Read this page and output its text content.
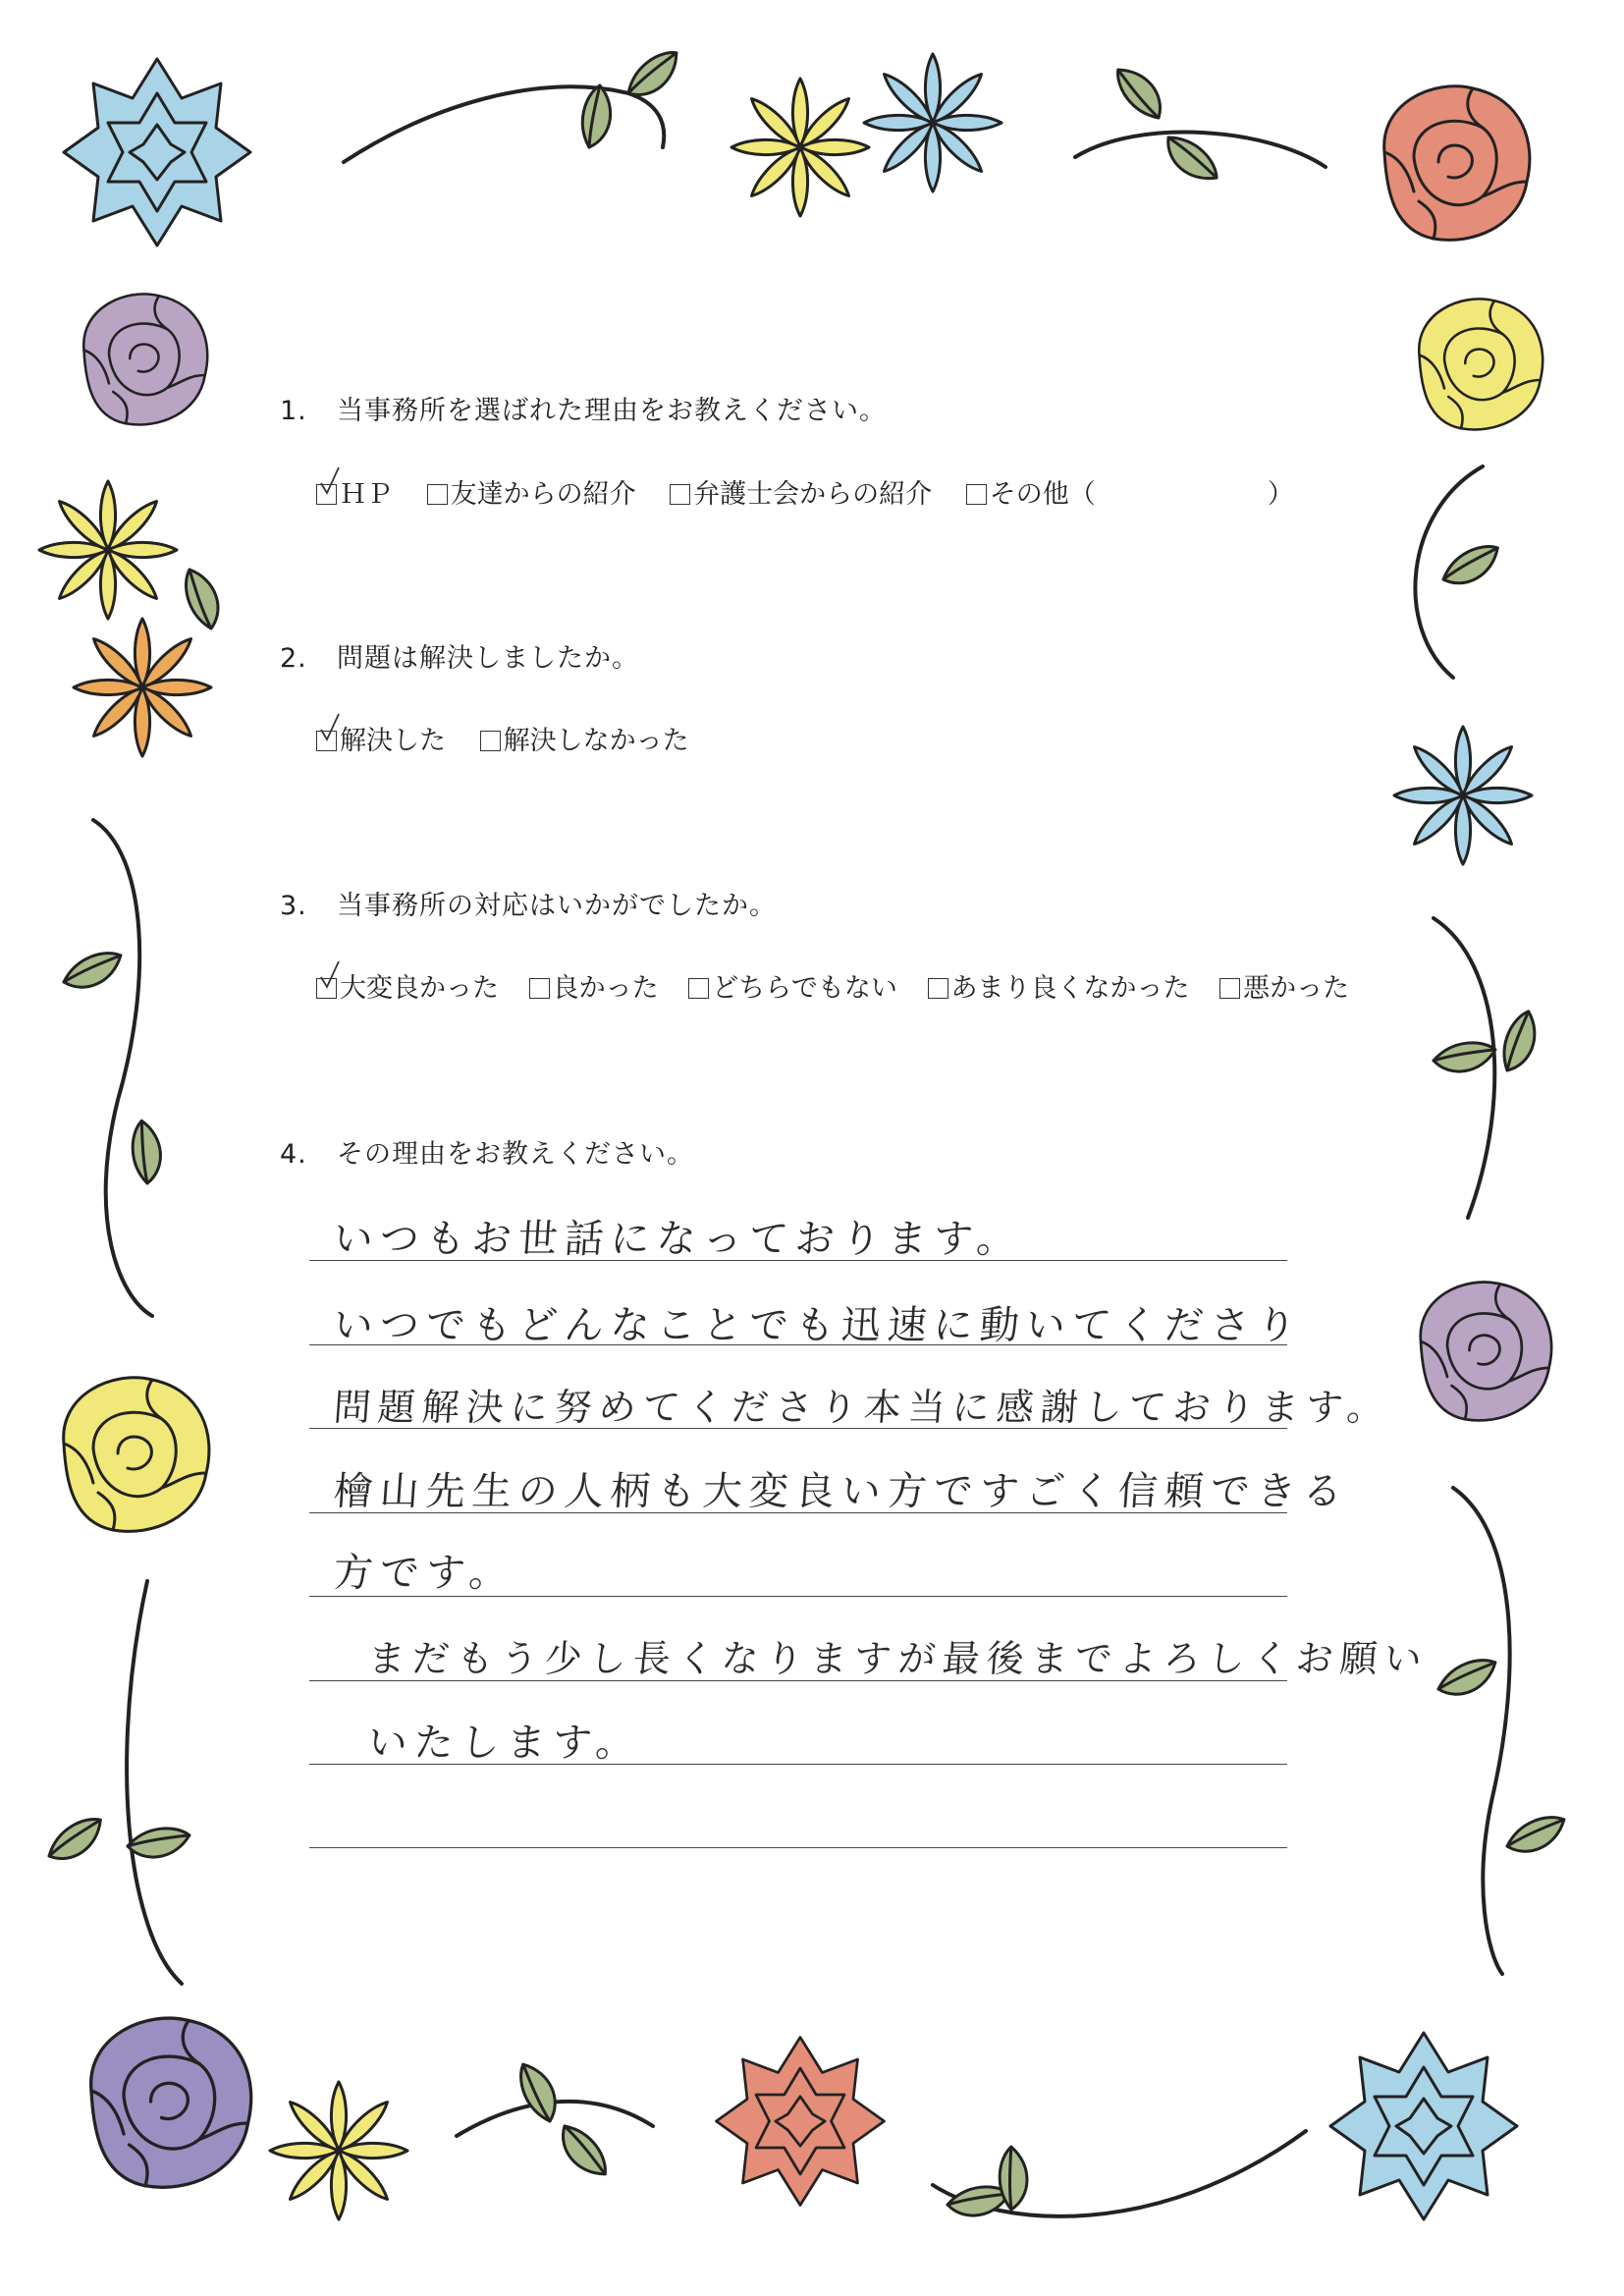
1. 当事務所を選ばれた理由をお教えください。
ＨＰ 友達からの紹介 弁護士会からの紹介 その他（	）
2. 問題は解決しましたか。
解決した 解決しなかった
3. 当事務所の対応はいかがでしたか。
大変良かった 良かった どちらでもない あまり良くなかった 悪かった
4. その理由をお教えください。
いつもお世話になっております。
いつでもどんなことでも迅速に動いてくださり
問題解決に努めてくださり本当に感謝しております。
檜山先生の人柄も大変良い方ですごく信頼できる
方です。
まだもう少し長くなりますが最後までよろしくお願い
いたします。
